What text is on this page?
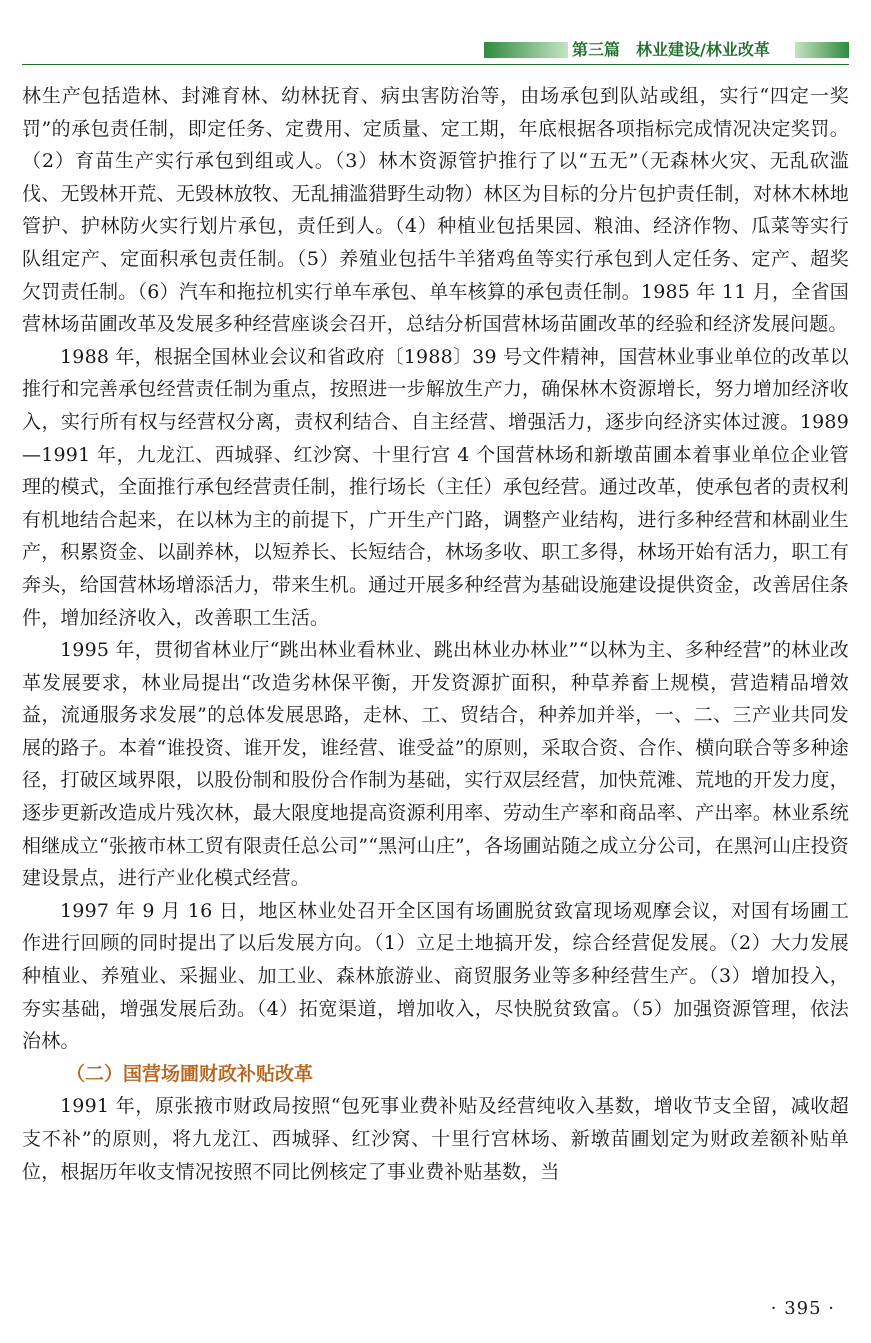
第三篇　林业建设/林业改革

林生产包括造林、封滩育林、幼林抚育、病虫害防治等，由场承包到队站或组，实行“四定一奖罚”的承包责任制，即定任务、定费用、定质量、定工期，年底根据各项指标完成情况决定奖罚。（2）育苗生产实行承包到组或人。（3）林木资源管护推行了以“五无”（无森林火灾、无乱砍滥伐、无毁林开荒、无毁林放牧、无乱捕滥猎野生动物）林区为目标的分片包护责任制，对林木林地管护、护林防火实行划片承包，责任到人。（4）种植业包括果园、粮油、经济作物、瓜菜等实行队组定产、定面积承包责任制。（5）养殖业包括牛羊猪鸡鱼等实行承包到人定任务、定产、超奖欠罚责任制。（6）汽车和拖拉机实行单车承包、单车核算的承包责任制。1985 年 11 月，全省国营林场苗圃改革及发展多种经营座谈会召开，总结分析国营林场苗圃改革的经验和经济发展问题。

1988 年，根据全国林业会议和省政府〔1988〕39 号文件精神，国营林业事业单位的改革以推行和完善承包经营责任制为重点，按照进一步解放生产力，确保林木资源增长，努力增加经济收入，实行所有权与经营权分离，责权利结合、自主经营、增强活力，逐步向经济实体过渡。1989—1991 年，九龙江、西城驿、红沙窝、十里行宫 4 个国营林场和新墩苗圃本着事业单位企业管理的模式，全面推行承包经营责任制，推行场长（主任）承包经营。通过改革，使承包者的责权利有机地结合起来，在以林为主的前提下，广开生产门路，调整产业结构，进行多种经营和林副业生产，积累资金、以副养林，以短养长、长短结合，林场多收、职工多得，林场开始有活力，职工有奔头，给国营林场增添活力，带来生机。通过开展多种经营为基础设施建设提供资金，改善居住条件，增加经济收入，改善职工生活。

1995 年，贯彻省林业厅“跳出林业看林业、跳出林业办林业”“以林为主、多种经营”的林业改革发展要求，林业局提出“改造劣林保平衡，开发资源扩面积，种草养畜上规模，营造精品增效益，流通服务求发展”的总体发展思路，走林、工、贸结合，种养加并举，一、二、三产业共同发展的路子。本着“谁投资、谁开发，谁经营、谁受益”的原则，采取合资、合作、横向联合等多种途径，打破区域界限，以股份制和股份合作制为基础，实行双层经营，加快荒滩、荒地的开发力度，逐步更新改造成片残次林，最大限度地提高资源利用率、劳动生产率和商品率、产出率。林业系统相继成立“张掖市林工贸有限责任总公司”“黑河山庄”，各场圃站随之成立分公司，在黑河山庄投资建设景点，进行产业化模式经营。

1997 年 9 月 16 日，地区林业处召开全区国有场圃脱贫致富现场观摩会议，对国有场圃工作进行回顾的同时提出了以后发展方向。（1）立足土地搞开发，综合经营促发展。（2）大力发展种植业、养殖业、采掘业、加工业、森林旅游业、商贸服务业等多种经营生产。（3）增加投入，夯实基础，增强发展后劲。（4）拓宽渠道，增加收入，尽快脱贫致富。（5）加强资源管理，依法治林。

（二）国营场圃财政补贴改革

1991 年，原张掖市财政局按照“包死事业费补贴及经营纯收入基数，增收节支全留，减收超支不补”的原则，将九龙江、西城驿、红沙窝、十里行宫林场、新墩苗圃划定为财政差额补贴单位，根据历年收支情况按照不同比例核定了事业费补贴基数，当

· 395 ·
